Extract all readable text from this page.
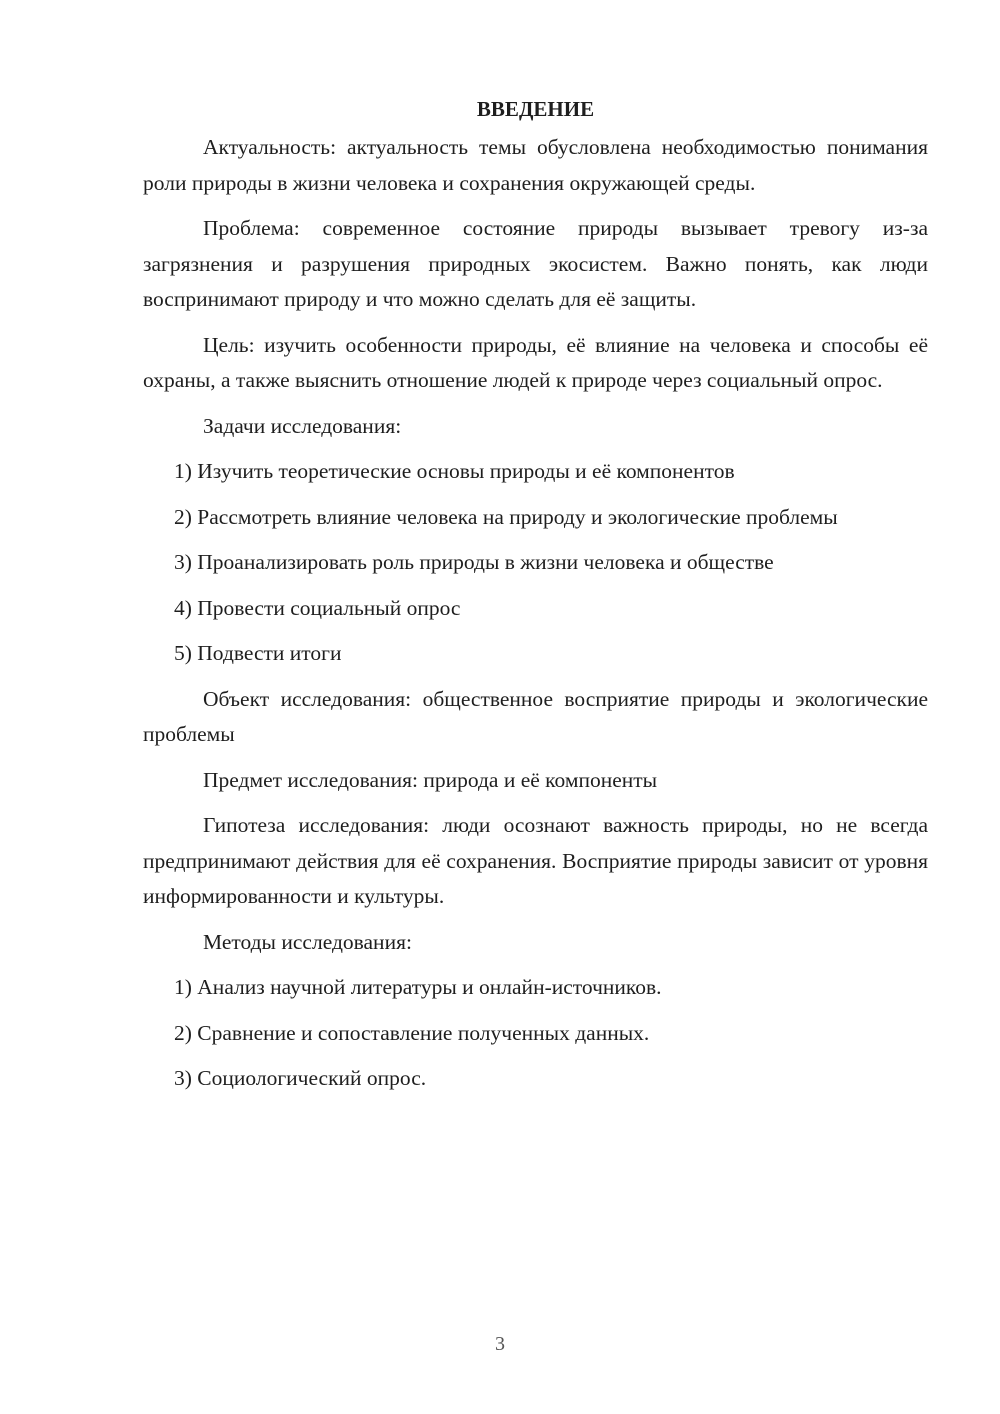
ВВЕДЕНИЕ

Актуальность: актуальность темы обусловлена необходимостью понимания роли природы в жизни человека и сохранения окружающей среды.

Проблема: современное состояние природы вызывает тревогу из-за загрязнения и разрушения природных экосистем. Важно понять, как люди воспринимают природу и что можно сделать для её защиты.

Цель: изучить особенности природы, её влияние на человека и способы её охраны, а также выяснить отношение людей к природе через социальный опрос.

Задачи исследования:

1) Изучить теоретические основы природы и её компонентов

2) Рассмотреть влияние человека на природу и экологические проблемы

3) Проанализировать роль природы в жизни человека и обществе

4) Провести социальный опрос

5) Подвести итоги

Объект исследования: общественное восприятие природы и экологические проблемы

Предмет исследования: природа и её компоненты

Гипотеза исследования: люди осознают важность природы, но не всегда предпринимают действия для её сохранения. Восприятие природы зависит от уровня информированности и культуры.

Методы исследования:

1) Анализ научной литературы и онлайн-источников.

2) Сравнение и сопоставление полученных данных.

3) Социологический опрос.

3
